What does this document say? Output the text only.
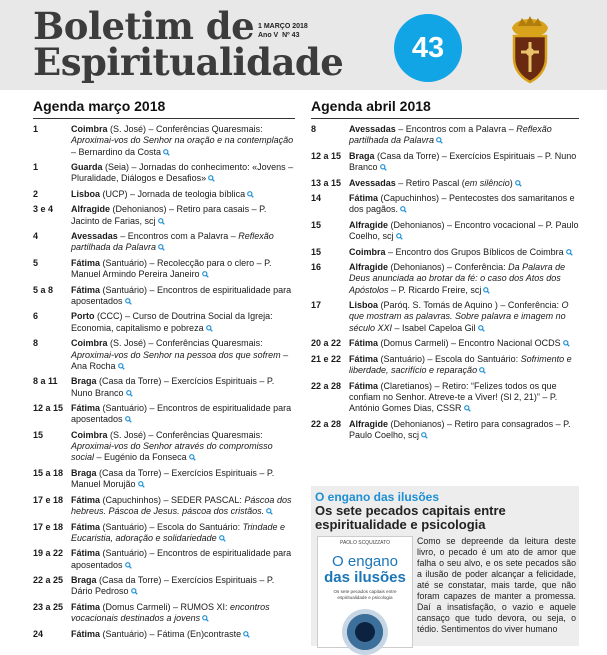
Boletim de
Espiritualidade
1 MARÇO 2018
Ano V Nº 43	43
Agenda março 2018
1	Coimbra (S. José) – Conferências Quaresmais: Aproximai-vos do Senhor na oração e na contemplação – Bernardino da Costa
1	Guarda (Seia) – Jornadas do conhecimento: «Jovens – Pluralidade, Diálogos e Desafios»
2	Lisboa (UCP) – Jornada de teologia bíblica
3 e 4	Alfragide (Dehonianos) – Retiro para casais – P. Jacinto de Farias, scj
4	Avessadas – Encontros com a Palavra – Reflexão partilhada da Palavra
5	Fátima (Santuário) – Recolecção para o clero – P. Manuel Armindo Pereira Janeiro
5 a 8	Fátima (Santuário) – Encontros de espiritualidade para aposentados
6	Porto (CCC) – Curso de Doutrina Social da Igreja: Economia, capitalismo e pobreza
8	Coimbra (S. José) – Conferências Quaresmais: Aproximai-vos do Senhor na pessoa dos que sofrem – Ana Rocha
8 a 11	Braga (Casa da Torre) – Exercícios Espirituais – P. Nuno Branco
12 a 15 Fátima (Santuário) – Encontros de espiritualidade para aposentados
15	Coimbra (S. José) – Conferências Quaresmais: Aproximai-vos do Senhor através do compromisso social – Eugénio da Fonseca
15 a 18 Braga (Casa da Torre) – Exercícios Espirituais – P. Manuel Morujão
17 e 18 Fátima (Capuchinhos) – SEDER PASCAL: Páscoa dos hebreus. Páscoa de Jesus. páscoa dos cristãos.
17 e 18 Fátima (Santuário) – Escola do Santuário: Trindade e Eucaristia, adoração e solidariedade
19 a 22 Fátima (Santuário) – Encontros de espiritualidade para aposentados
22 a 25 Braga (Casa da Torre) – Exercícios Espirituais – P. Dário Pedroso
23 a 25 Fátima (Domus Carmeli) – RUMOS XI: encontros vocacionais destinados a jovens
24	Fátima (Santuário) – Fátima (En)contraste
Agenda abril 2018
8	Avessadas – Encontros com a Palavra – Reflexão partilhada da Palavra
12 a 15 Braga (Casa da Torre) – Exercícios Espirituais – P. Nuno Branco
13 a 15 Avessadas – Retiro Pascal (em silêncio)
14	Fátima (Capuchinhos) – Pentecostes dos samaritanos e dos pagãos.
15	Alfragide (Dehonianos) – Encontro vocacional – P. Paulo Coelho, scj
15	Coimbra – Encontro dos Grupos Bíblicos de Coimbra
16	Alfragide (Dehonianos) – Conferência: Da Palavra de Deus anunciada ao brotar da fé: o caso dos Atos dos Apóstolos – P. Ricardo Freire, scj
17	Lisboa (Paróq. S. Tomás de Aquino ) – Conferência: O que mostram as palavras. Sobre palavra e imagem no século XXI – Isabel Capeloa Gil
20 a 22 Fátima (Domus Carmeli) – Encontro Nacional OCDS
21 e 22 Fátima (Santuário) – Escola do Santuário: Sofrimento e liberdade, sacrifício e reparação
22 a 28 Fátima (Claretianos) – Retiro: “Felizes todos os que confiam no Senhor. Atreve-te a Viver! (Sl 2, 21)” – P. António Gomes Dias, CSSR
22 a 28 Alfragide (Dehonianos) – Retiro para consagrados – P. Paulo Coelho, scj
O engano das ilusões
Os sete pecados capitais entre espiritualidade e psicologia
PAOLO SCQUIZZATO
O engano
das ilusões
Os sete pecados capitais entre espiritualidade e psicologia
Como se depreende da leitura deste livro, o pecado é um ato de amor que falha o seu alvo, e os sete pecados são a ilusão de poder alcançar a felicidade, até se constatar, mais tarde, que não foram capazes de manter a promessa. Daí a insatisfação, o vazio e aquele cansaço que tudo devora, ou seja, o tédio. Sentimentos do viver humano
